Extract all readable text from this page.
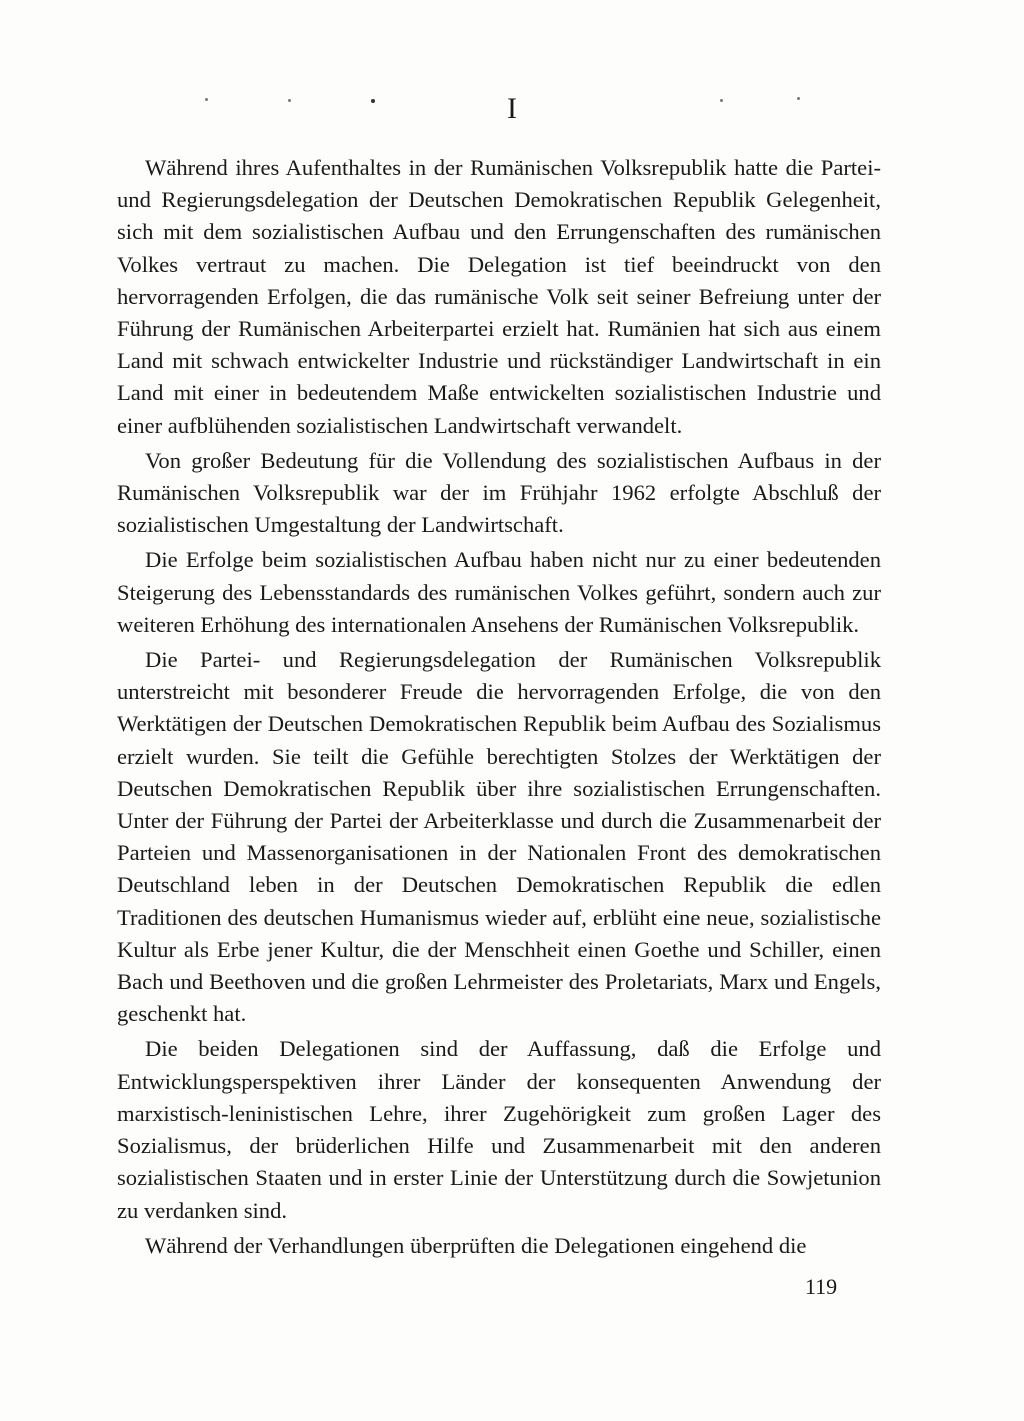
I

Während ihres Aufenthaltes in der Rumänischen Volksrepublik hatte die Partei- und Regierungsdelegation der Deutschen Demokratischen Republik Gelegenheit, sich mit dem sozialistischen Aufbau und den Errungenschaften des rumänischen Volkes vertraut zu machen. Die Delegation ist tief beeindruckt von den hervorragenden Erfolgen, die das rumänische Volk seit seiner Befreiung unter der Führung der Rumänischen Arbeiterpartei erzielt hat. Rumänien hat sich aus einem Land mit schwach entwickelter Industrie und rückständiger Landwirtschaft in ein Land mit einer in bedeutendem Maße entwickelten sozialistischen Industrie und einer aufblühenden sozialistischen Landwirtschaft verwandelt.

Von großer Bedeutung für die Vollendung des sozialistischen Aufbaus in der Rumänischen Volksrepublik war der im Frühjahr 1962 erfolgte Abschluß der sozialistischen Umgestaltung der Landwirtschaft.

Die Erfolge beim sozialistischen Aufbau haben nicht nur zu einer bedeutenden Steigerung des Lebensstandards des rumänischen Volkes geführt, sondern auch zur weiteren Erhöhung des internationalen Ansehens der Rumänischen Volksrepublik.

Die Partei- und Regierungsdelegation der Rumänischen Volksrepublik unterstreicht mit besonderer Freude die hervorragenden Erfolge, die von den Werktätigen der Deutschen Demokratischen Republik beim Aufbau des Sozialismus erzielt wurden. Sie teilt die Gefühle berechtigten Stolzes der Werktätigen der Deutschen Demokratischen Republik über ihre sozialistischen Errungenschaften. Unter der Führung der Partei der Arbeiterklasse und durch die Zusammenarbeit der Parteien und Massenorganisationen in der Nationalen Front des demokratischen Deutschland leben in der Deutschen Demokratischen Republik die edlen Traditionen des deutschen Humanismus wieder auf, erblüht eine neue, sozialistische Kultur als Erbe jener Kultur, die der Menschheit einen Goethe und Schiller, einen Bach und Beethoven und die großen Lehrmeister des Proletariats, Marx und Engels, geschenkt hat.

Die beiden Delegationen sind der Auffassung, daß die Erfolge und Entwicklungsperspektiven ihrer Länder der konsequenten Anwendung der marxistisch-leninistischen Lehre, ihrer Zugehörigkeit zum großen Lager des Sozialismus, der brüderlichen Hilfe und Zusammenarbeit mit den anderen sozialistischen Staaten und in erster Linie der Unterstützung durch die Sowjetunion zu verdanken sind.

Während der Verhandlungen überprüften die Delegationen eingehend die

119
